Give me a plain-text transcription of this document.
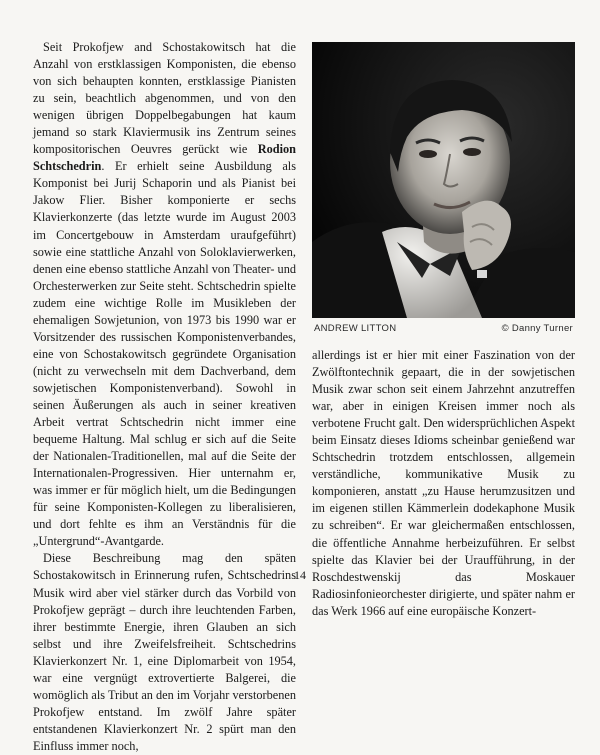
Seit Prokofjew and Schostakowitsch hat die Anzahl von erstklassigen Komponisten, die ebenso von sich behaupten konnten, erstklassige Pianisten zu sein, beachtlich abgenommen, und von den wenigen übrigen Doppelbegabungen hat kaum jemand so stark Klaviermusik ins Zentrum seines kompositorischen Oeuvres gerückt wie Rodion Schtschedrin. Er erhielt seine Ausbildung als Komponist bei Jurij Schaporin und als Pianist bei Jakow Flier. Bisher komponierte er sechs Klavierkonzerte (das letzte wurde im August 2003 im Concertgebouw in Amsterdam uraufgeführt) sowie eine stattliche Anzahl von Soloklavierwerken, denen eine ebenso stattliche Anzahl von Theater- und Orchesterwerken zur Seite steht. Schtschedrin spielte zudem eine wichtige Rolle im Musikleben der ehemaligen Sowjetunion, von 1973 bis 1990 war er Vorsitzender des russischen Komponistenverbandes, eine von Schostakowitsch gegründete Organisation (nicht zu verwechseln mit dem Dachverband, dem sowjetischen Komponistenverband). Sowohl in seinen Äußerungen als auch in seiner kreativen Arbeit vertrat Schtschedrin nicht immer eine bequeme Haltung. Mal schlug er sich auf die Seite der Nationalen-Traditionellen, mal auf die Seite der Internationalen-Progressiven. Hier unternahm er, was immer er für möglich hielt, um die Bedingungen für seine Komponisten-Kollegen zu liberalisieren, und dort fehlte es ihm an Verständnis für die „Untergrund“-Avantgarde.

Diese Beschreibung mag den späten Schostakowitsch in Erinnerung rufen, Schtschedrins Musik wird aber viel stärker durch das Vorbild von Prokofjew geprägt – durch ihre leuchtenden Farben, ihrer bestimmte Energie, ihren Glauben an sich selbst und ihre Zweifelsfreiheit. Schtschedrins Klavierkonzert Nr. 1, eine Diplomarbeit von 1954, war eine vergnügt extrovertierte Balgerei, die womöglich als Tribut an den im Vorjahr verstorbenen Prokofjew entstand. Im zwölf Jahre später entstandenen Klavierkonzert Nr. 2 spürt man den Einfluss immer noch,

ANDREW LITTON	© Danny Turner

allerdings ist er hier mit einer Faszination von der Zwölftontechnik gepaart, die in der sowjetischen Musik zwar schon seit einem Jahrzehnt anzutreffen war, aber in einigen Kreisen immer noch als verbotene Frucht galt. Den widersprüchlichen Aspekt beim Einsatz dieses Idioms scheinbar genießend war Schtschedrin trotzdem entschlossen, allgemein verständliche, kommunikative Musik zu komponieren, anstatt „zu Hause herumzusitzen und im eigenen stillen Kämmerlein dodekaphone Musik zu schreiben“. Er war gleichermaßen entschlossen, die öffentliche Annahme herbeizuführen. Er selbst spielte das Klavier bei der Uraufführung, in der Roschdestwenskij das Moskauer Radiosinfonieorchester dirigierte, und später nahm er das Werk 1966 auf eine europäische Konzert-

14
